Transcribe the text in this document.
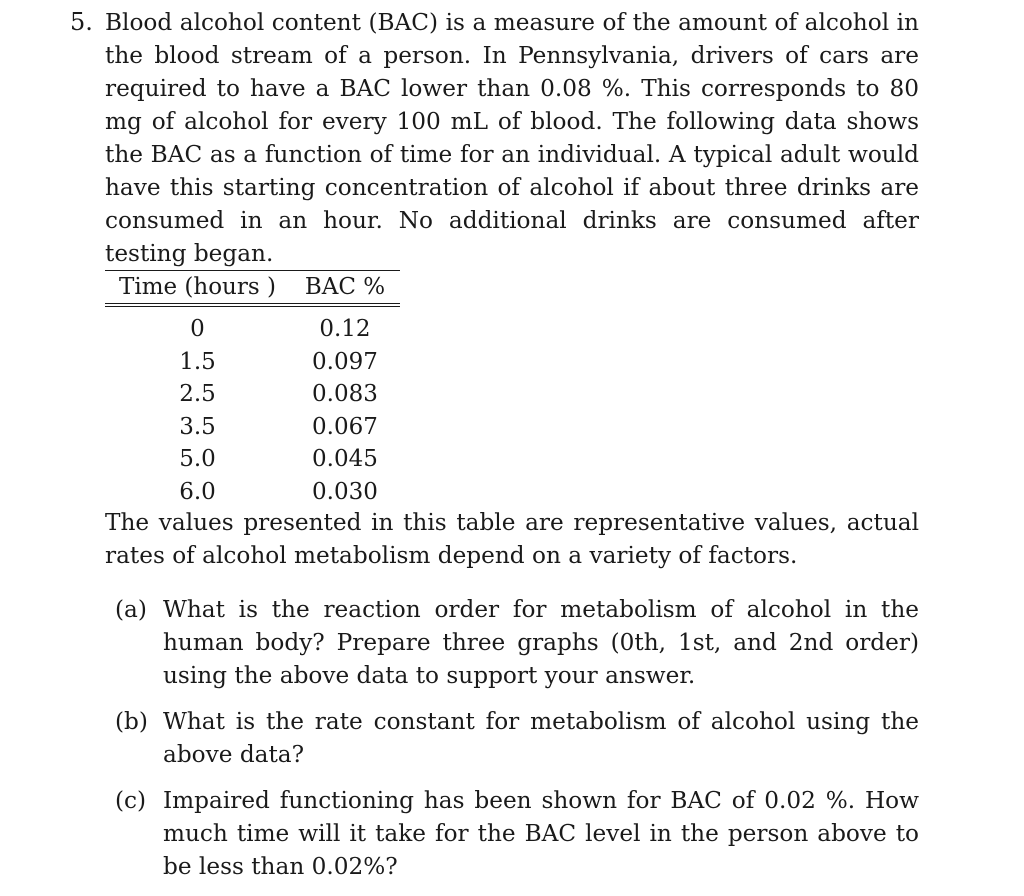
5. Blood alcohol content (BAC) is a measure of the amount of alcohol in the blood stream of a person. In Pennsylvania, drivers of cars are required to have a BAC lower than 0.08 %. This corresponds to 80 mg of alcohol for every 100 mL of blood. The following data shows the BAC as a function of time for an individual. A typical adult would have this starting concentration of alcohol if about three drinks are consumed in an hour. No additional drinks are consumed after testing began.

Time (hours )	BAC %
0	0.12
1.5	0.097
2.5	0.083
3.5	0.067
5.0	0.045
6.0	0.030

The values presented in this table are representative values, actual rates of alcohol metabolism depend on a variety of factors.

(a) What is the reaction order for metabolism of alcohol in the human body? Prepare three graphs (0th, 1st, and 2nd order) using the above data to support your answer.
(b) What is the rate constant for metabolism of alcohol using the above data?
(c) Impaired functioning has been shown for BAC of 0.02 %. How much time will it take for the BAC level in the person above to be less than 0.02%?
